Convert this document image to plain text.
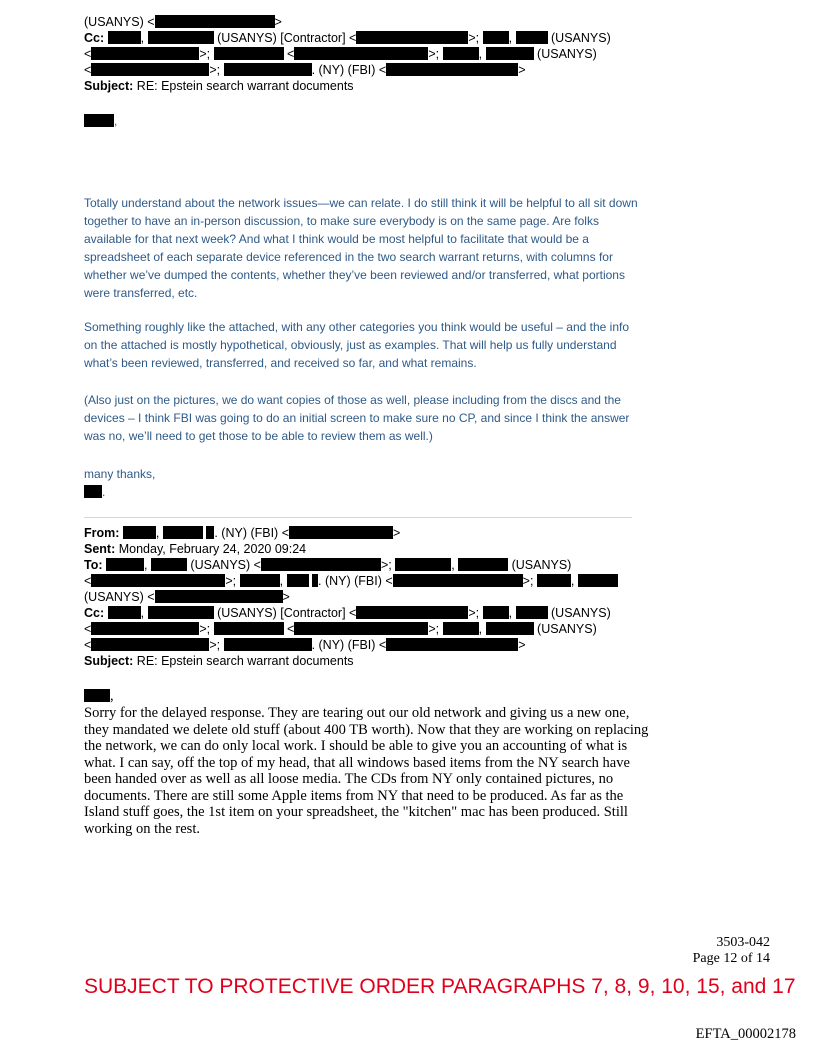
(USANYS) <	>
Cc:	,	(USANYS) [Contractor] <	>; ,	(USANYS)
<	>;	<	>;	,	(USANYS)
<	>;	. (NY) (FBI) <	>
Subject: RE: Epstein search warrant documents
,

Totally understand about the network issues—we can relate. I do still think it will be helpful to all sit down together to have an in-person discussion, to make sure everybody is on the same page. Are folks available for that next week? And what I think would be most helpful to facilitate that would be a spreadsheet of each separate device referenced in the two search warrant returns, with columns for whether we’ve dumped the contents, whether they’ve been reviewed and/or transferred, what portions were transferred, etc.

Something roughly like the attached, with any other categories you think would be useful – and the info on the attached is mostly hypothetical, obviously, just as examples. That will help us fully understand what’s been reviewed, transferred, and received so far, and what remains.

(Also just on the pictures, we do want copies of those as well, please including from the discs and the devices – I think FBI was going to do an initial screen to make sure no CP, and since I think the answer was no, we’ll need to get those to be able to review them as well.)

many thanks,
.
From:	,	. (NY) (FBI) <	>
Sent: Monday, February 24, 2020 09:24
To:	,	(USANYS) <	>;	,	(USANYS)
<	>;	,	. (NY) (FBI) <	>;	,
(USANYS) <	>
Cc:	,	(USANYS) [Contractor] <	>; ,	(USANYS)
<	>;	<	>;	,	(USANYS)
<	>;	. (NY) (FBI) <	>
Subject: RE: Epstein search warrant documents
,
Sorry for the delayed response. They are tearing out our old network and giving us a new one, they mandated we delete old stuff (about 400 TB worth). Now that they are working on replacing the network, we can do only local work. I should be able to give you an accounting of what is what. I can say, off the top of my head, that all windows based items from the NY search have been handed over as well as all loose media. The CDs from NY only contained pictures, no documents. There are still some Apple items from NY that need to be produced. As far as the Island stuff goes, the 1st item on your spreadsheet, the "kitchen" mac has been produced. Still working on the rest.
3503-042
Page 12 of 14
SUBJECT TO PROTECTIVE ORDER PARAGRAPHS 7, 8, 9, 10, 15, and 17
EFTA_00002178
